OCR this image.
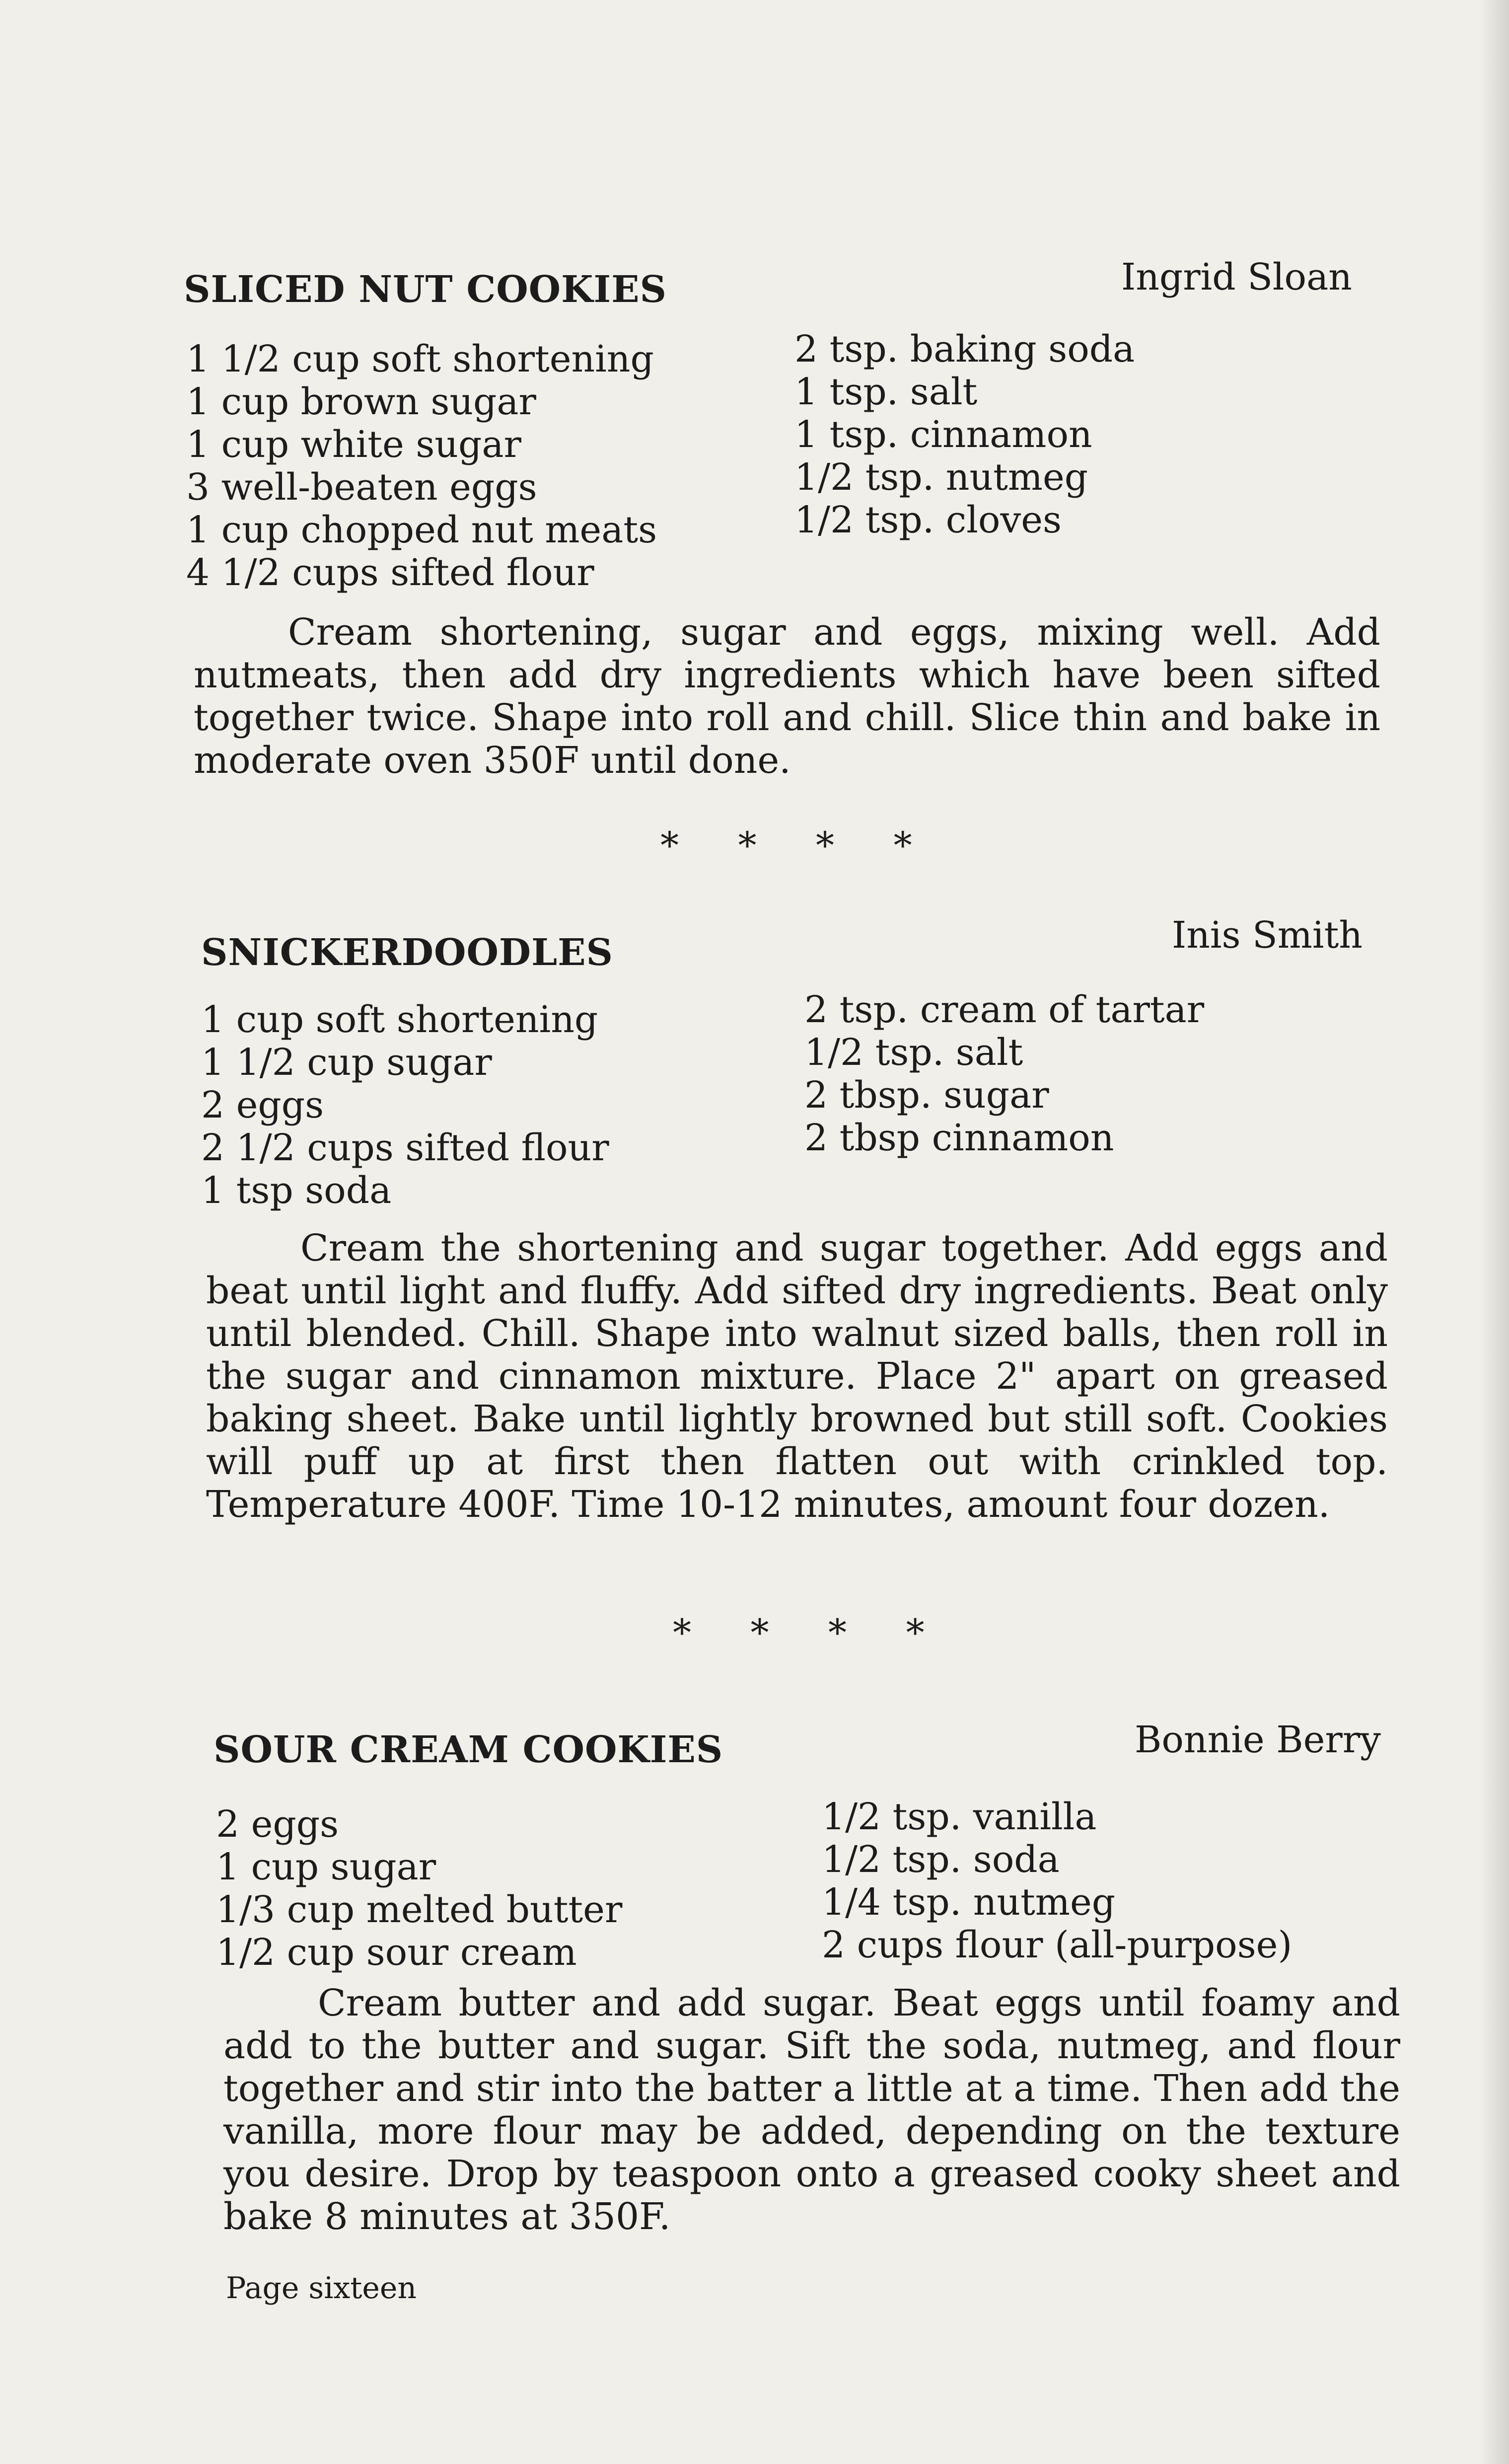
SLICED NUT COOKIES	Ingrid Sloan
1 1/2 cup soft shortening
1 cup brown sugar
1 cup white sugar
3 well-beaten eggs
1 cup chopped nut meats
4 1/2 cups sifted flour
2 tsp. baking soda
1 tsp. salt
1 tsp. cinnamon
1/2 tsp. nutmeg
1/2 tsp. cloves
Cream shortening, sugar and eggs, mixing well. Add nutmeats, then add dry ingredients which have been sifted together twice. Shape into roll and chill. Slice thin and bake in moderate oven 350F until done.
* * * *
SNICKERDOODLES	Inis Smith
1 cup soft shortening
1 1/2 cup sugar
2 eggs
2 1/2 cups sifted flour
1 tsp soda
2 tsp. cream of tartar
1/2 tsp. salt
2 tbsp. sugar
2 tbsp cinnamon
Cream the shortening and sugar together. Add eggs and beat until light and fluffy. Add sifted dry ingredients. Beat only until blended. Chill. Shape into walnut sized balls, then roll in the sugar and cinnamon mixture. Place 2" apart on greased baking sheet. Bake until lightly browned but still soft. Cookies will puff up at first then flatten out with crinkled top. Temperature 400F. Time 10-12 minutes, amount four dozen.
* * * *
SOUR CREAM COOKIES	Bonnie Berry
2 eggs
1 cup sugar
1/3 cup melted butter
1/2 cup sour cream
1/2 tsp. vanilla
1/2 tsp. soda
1/4 tsp. nutmeg
2 cups flour (all-purpose)
Cream butter and add sugar. Beat eggs until foamy and add to the butter and sugar. Sift the soda, nutmeg, and flour together and stir into the batter a little at a time. Then add the vanilla, more flour may be added, depending on the texture you desire. Drop by teaspoon onto a greased cooky sheet and bake 8 minutes at 350F.
Page sixteen
